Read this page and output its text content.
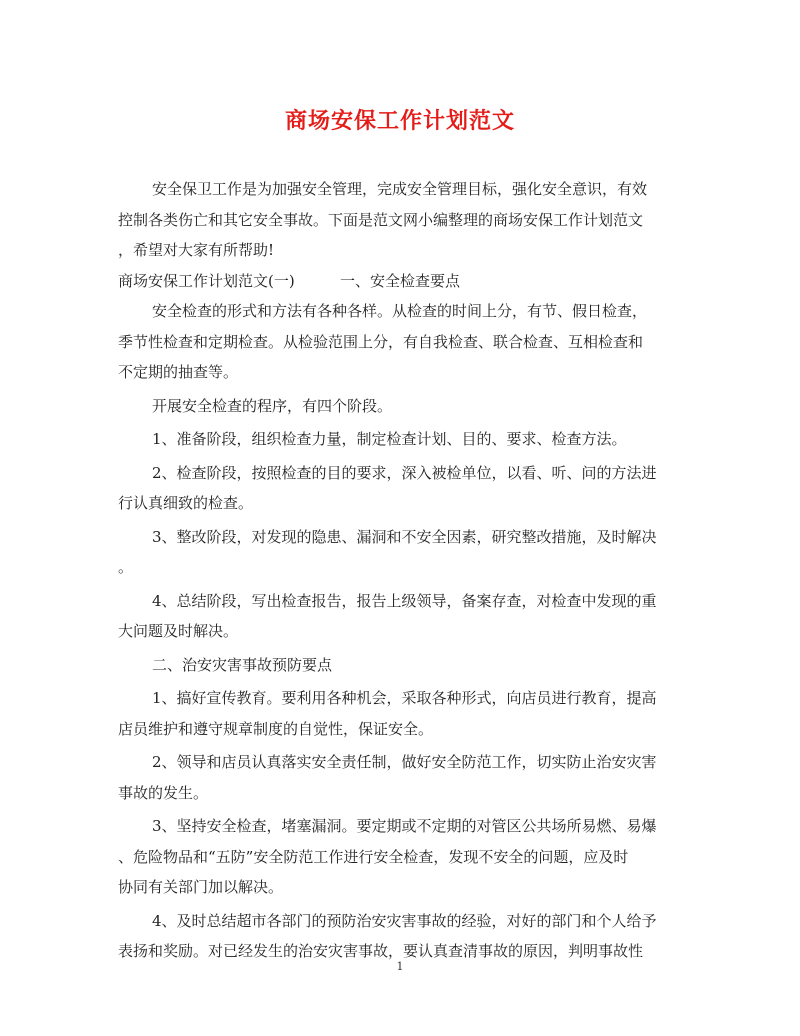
商场安保工作计划范文
安全保卫工作是为加强安全管理，完成安全管理目标，强化安全意识，有效
控制各类伤亡和其它安全事故。下面是范文网小编整理的商场安保工作计划范文
，希望对大家有所帮助!
商场安保工作计划范文(一)	一、安全检查要点
安全检查的形式和方法有各种各样。从检查的时间上分，有节、假日检查，
季节性检查和定期检查。从检验范围上分，有自我检查、联合检查、互相检查和
不定期的抽查等。
开展安全检查的程序，有四个阶段。
1、准备阶段，组织检查力量，制定检查计划、目的、要求、检查方法。
2、检查阶段，按照检查的目的要求，深入被检单位，以看、听、问的方法进
行认真细致的检查。
3、整改阶段，对发现的隐患、漏洞和不安全因素，研究整改措施，及时解决
。
4、总结阶段，写出检查报告，报告上级领导，备案存查，对检查中发现的重
大问题及时解决。
二、治安灾害事故预防要点
1、搞好宣传教育。要利用各种机会，采取各种形式，向店员进行教育，提高
店员维护和遵守规章制度的自觉性，保证安全。
2、领导和店员认真落实安全责任制，做好安全防范工作，切实防止治安灾害
事故的发生。
3、坚持安全检查，堵塞漏洞。要定期或不定期的对管区公共场所易燃、易爆
、危险物品和“五防”安全防范工作进行安全检查，发现不安全的问题，应及时
协同有关部门加以解决。
4、及时总结超市各部门的预防治安灾害事故的经验，对好的部门和个人给予
表扬和奖励。对已经发生的治安灾害事故，要认真查清事故的原因，判明事故性
1
